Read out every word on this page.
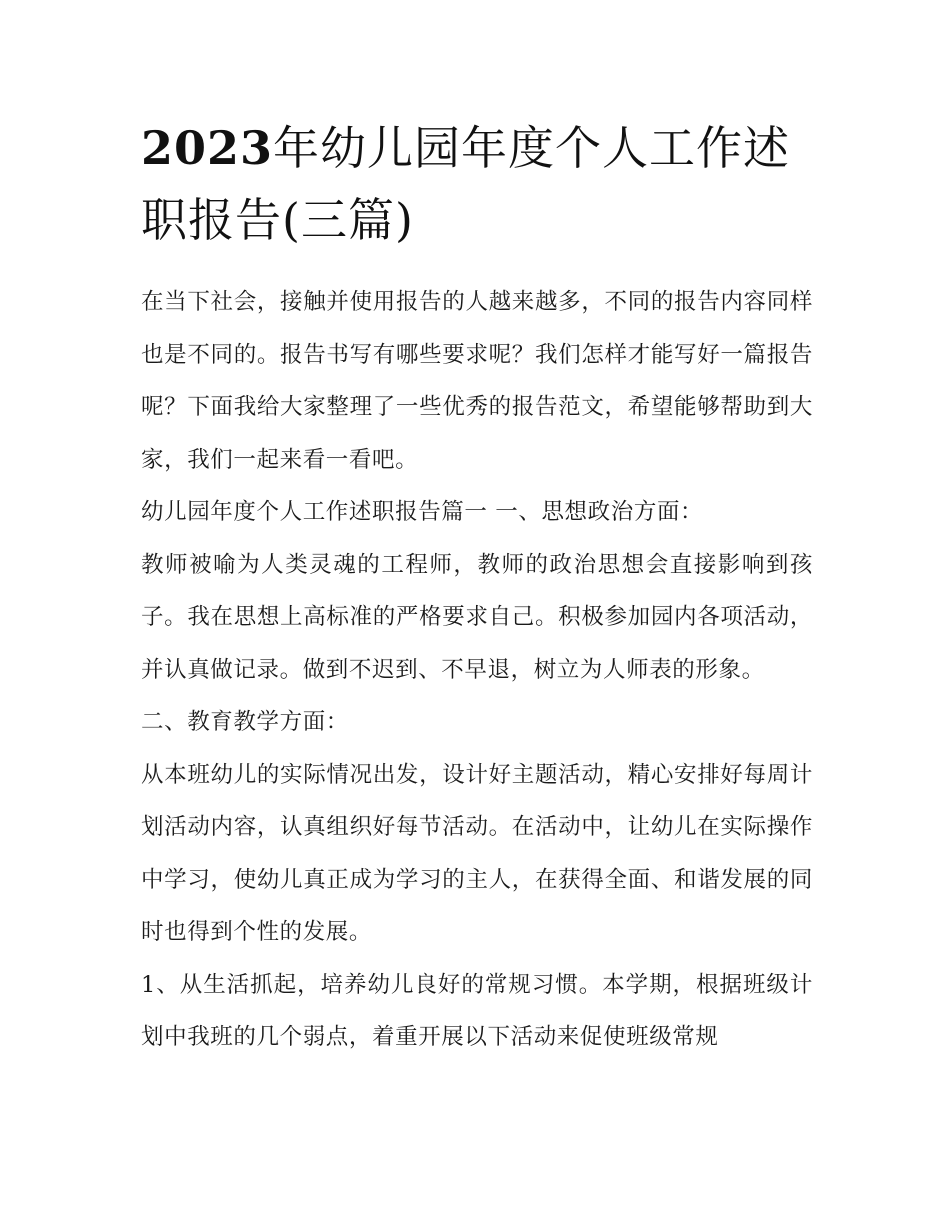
2023年幼儿园年度个人工作述职报告(三篇)

在当下社会，接触并使用报告的人越来越多，不同的报告内容同样也是不同的。报告书写有哪些要求呢？我们怎样才能写好一篇报告呢？下面我给大家整理了一些优秀的报告范文，希望能够帮助到大家，我们一起来看一看吧。

幼儿园年度个人工作述职报告篇一 一、思想政治方面：

教师被喻为人类灵魂的工程师，教师的政治思想会直接影响到孩子。我在思想上高标准的严格要求自己。积极参加园内各项活动，并认真做记录。做到不迟到、不早退，树立为人师表的形象。

二、教育教学方面：

从本班幼儿的实际情况出发，设计好主题活动，精心安排好每周计划活动内容，认真组织好每节活动。在活动中，让幼儿在实际操作中学习，使幼儿真正成为学习的主人，在获得全面、和谐发展的同时也得到个性的发展。

1、从生活抓起，培养幼儿良好的常规习惯。本学期，根据班级计划中我班的几个弱点，着重开展以下活动来促使班级常规
